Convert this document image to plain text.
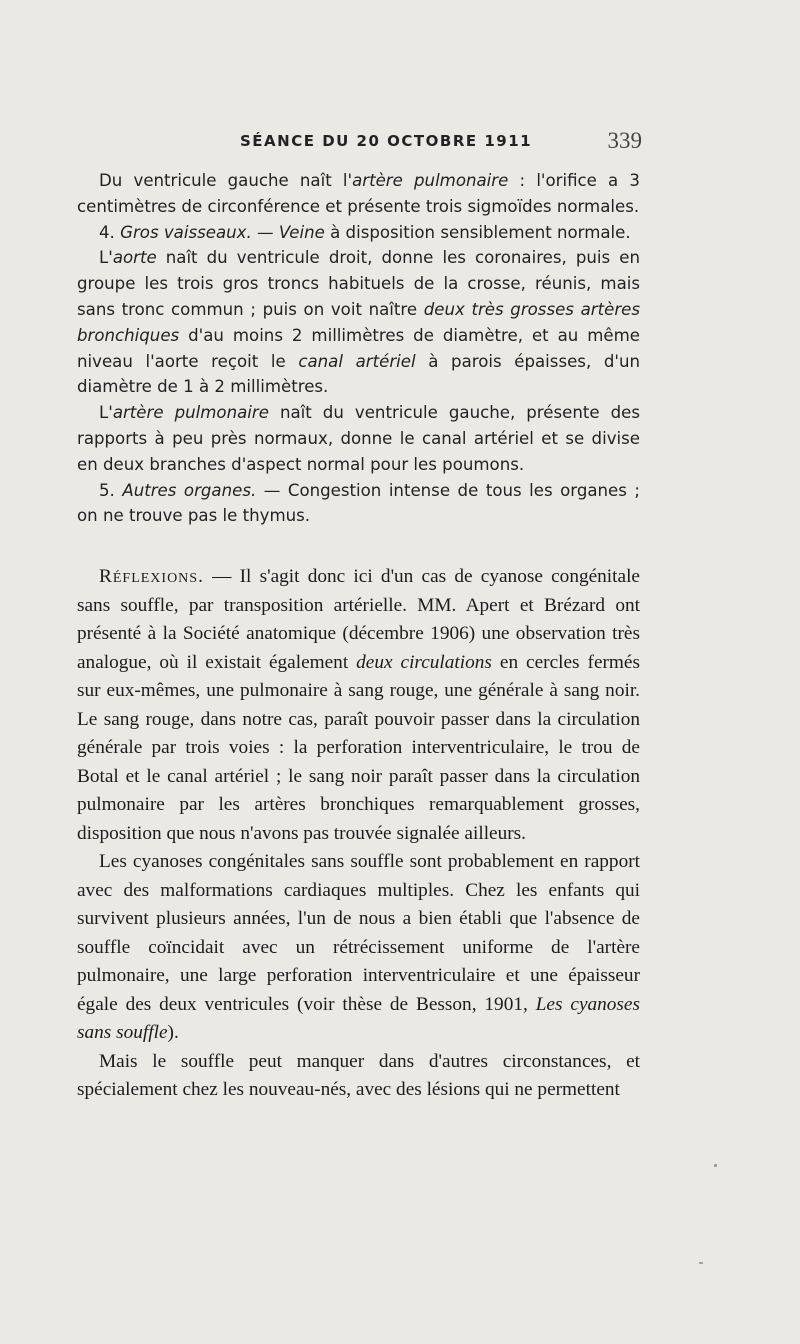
SÉANCE DU 20 OCTOBRE 1911	339

Du ventricule gauche naît l'artère pulmonaire : l'orifice a 3 centimètres de circonférence et présente trois sigmoïdes normales.

4. Gros vaisseaux. — Veine à disposition sensiblement normale.

L'aorte naît du ventricule droit, donne les coronaires, puis en groupe les trois gros troncs habituels de la crosse, réunis, mais sans tronc commun ; puis on voit naître deux très grosses artères bronchiques d'au moins 2 millimètres de diamètre, et au même niveau l'aorte reçoit le canal artériel à parois épaisses, d'un diamètre de 1 à 2 millimètres.

L'artère pulmonaire naît du ventricule gauche, présente des rapports à peu près normaux, donne le canal artériel et se divise en deux branches d'aspect normal pour les poumons.

5. Autres organes. — Congestion intense de tous les organes ; on ne trouve pas le thymus.

Réflexions. — Il s'agit donc ici d'un cas de cyanose congénitale sans souffle, par transposition artérielle. MM. Apert et Brézard ont présenté à la Société anatomique (décembre 1906) une observation très analogue, où il existait également deux circulations en cercles fermés sur eux-mêmes, une pulmonaire à sang rouge, une générale à sang noir. Le sang rouge, dans notre cas, paraît pouvoir passer dans la circulation générale par trois voies : la perforation interventriculaire, le trou de Botal et le canal artériel ; le sang noir paraît passer dans la circulation pulmonaire par les artères bronchiques remarquablement grosses, disposition que nous n'avons pas trouvée signalée ailleurs.

Les cyanoses congénitales sans souffle sont probablement en rapport avec des malformations cardiaques multiples. Chez les enfants qui survivent plusieurs années, l'un de nous a bien établi que l'absence de souffle coïncidait avec un rétrécissement uniforme de l'artère pulmonaire, une large perforation interventriculaire et une épaisseur égale des deux ventricules (voir thèse de Besson, 1901, Les cyanoses sans souffle).

Mais le souffle peut manquer dans d'autres circonstances, et spécialement chez les nouveau-nés, avec des lésions qui ne permettent
